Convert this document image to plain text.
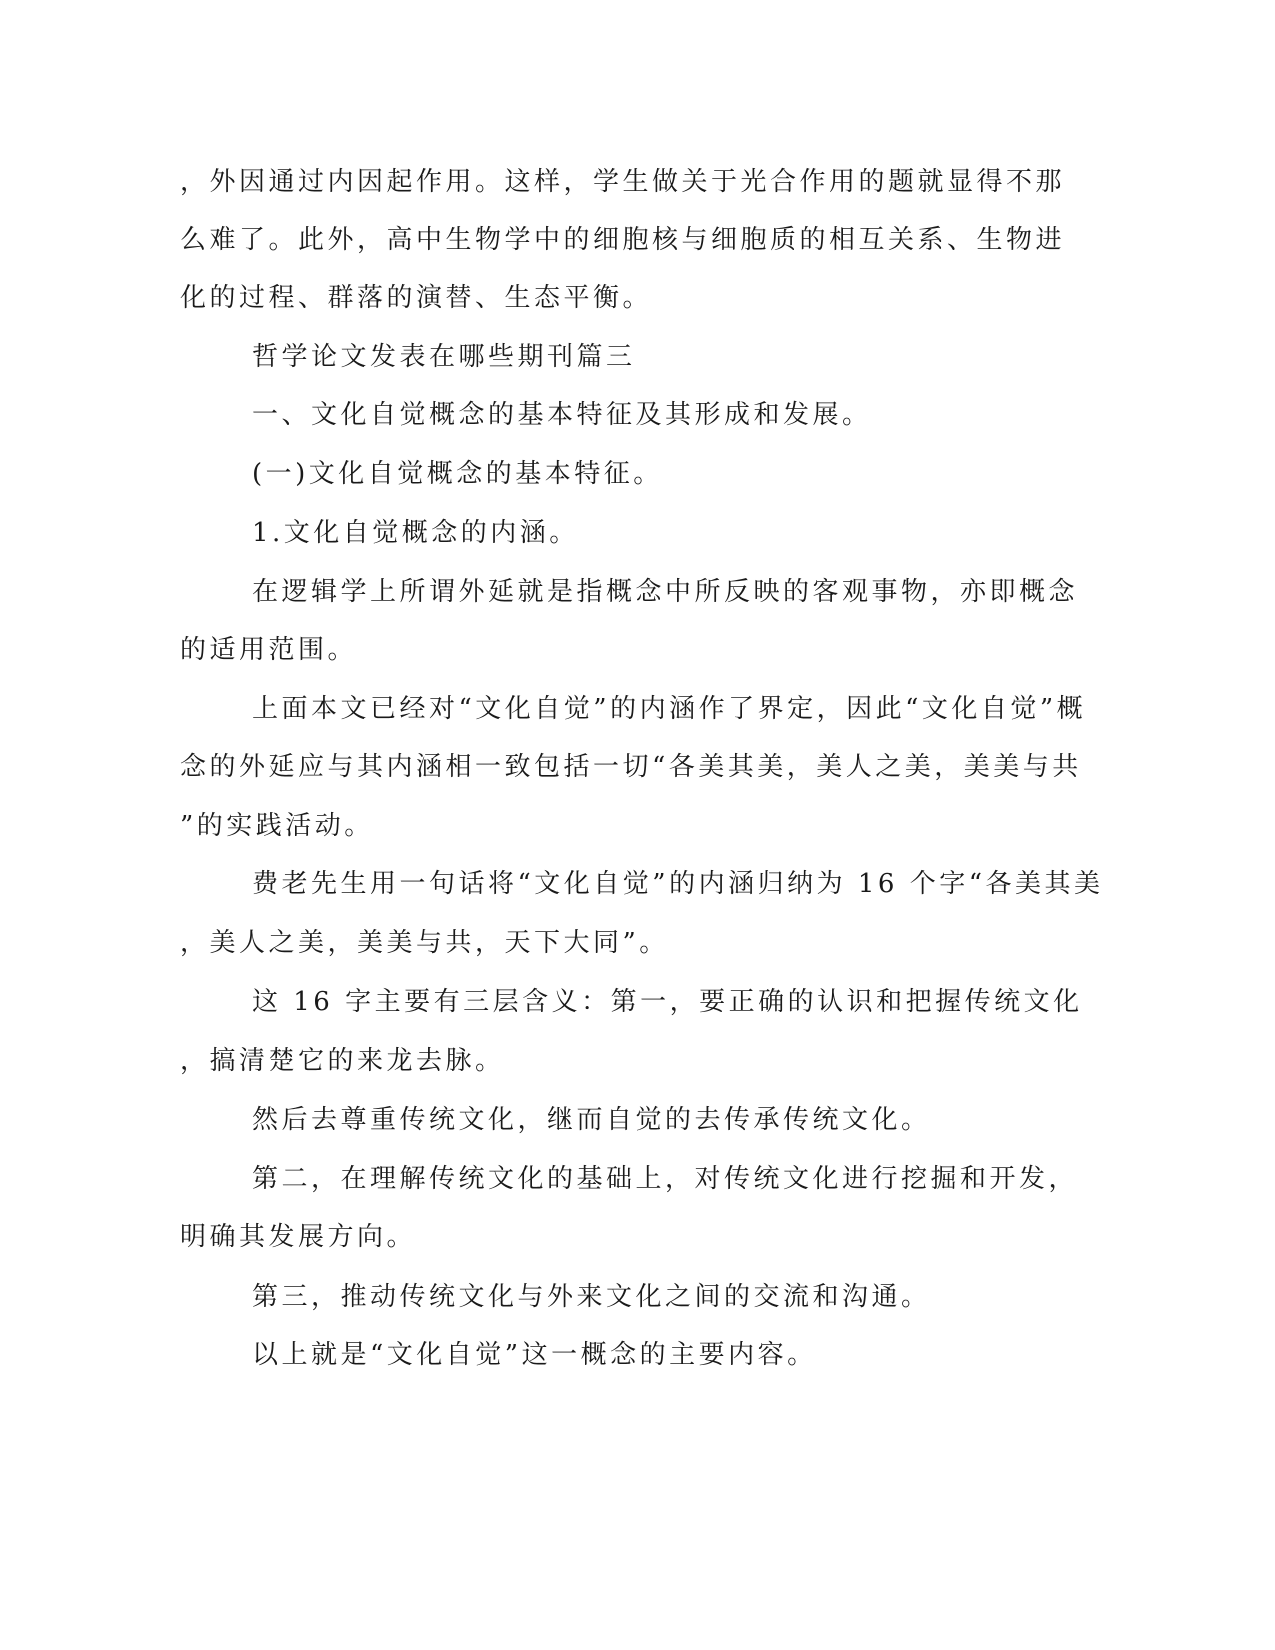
，外因通过内因起作用。这样，学生做关于光合作用的题就显得不那
么难了。此外，高中生物学中的细胞核与细胞质的相互关系、生物进
化的过程、群落的演替、生态平衡。
哲学论文发表在哪些期刊篇三
一、文化自觉概念的基本特征及其形成和发展。
(一)文化自觉概念的基本特征。
1.文化自觉概念的内涵。
在逻辑学上所谓外延就是指概念中所反映的客观事物，亦即概念
的适用范围。
上面本文已经对“文化自觉”的内涵作了界定，因此“文化自觉”概
念的外延应与其内涵相一致包括一切“各美其美，美人之美，美美与共
”的实践活动。
费老先生用一句话将“文化自觉”的内涵归纳为 16 个字“各美其美
，美人之美，美美与共，天下大同”。
这 16 字主要有三层含义：第一，要正确的认识和把握传统文化
，搞清楚它的来龙去脉。
然后去尊重传统文化，继而自觉的去传承传统文化。
第二，在理解传统文化的基础上，对传统文化进行挖掘和开发，
明确其发展方向。
第三，推动传统文化与外来文化之间的交流和沟通。
以上就是“文化自觉”这一概念的主要内容。
